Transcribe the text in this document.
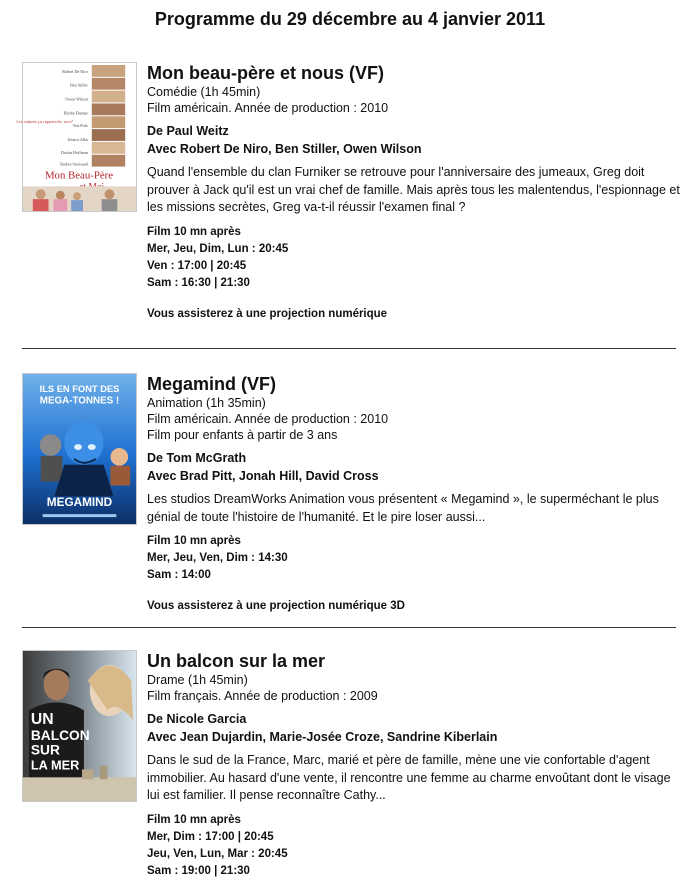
Programme du 29 décembre au 4 janvier 2011
Robert De Niro
Ben Stiller
Owen Wilson
Blythe Danner
Teri Polo
Jessica Alba
Dustin Hoffman
Barbra Streisand
Les enfants ça rapproche. non?
Mon Beau-Père
Mon beau-père et nous (VF)
Comédie (1h 45min)
Film américain. Année de production : 2010
De Paul Weitz
Avec Robert De Niro, Ben Stiller, Owen Wilson
Quand l'ensemble du clan Furniker se retrouve pour l'anniversaire des jumeaux, Greg doit prouver à Jack qu'il est un vrai chef de famille. Mais après tous les malentendus, l'espionnage et les missions secrètes, Greg va-t-il réussir l'examen final ?
Film 10 mn après
Mer, Jeu, Dim, Lun : 20:45
Ven : 17:00 | 20:45
Sam : 16:30 | 21:30
Vous assisterez à une projection numérique
ILS EN FONT DES
MEGA-TONNES !
MEGAMIND
Megamind (VF)
Animation (1h 35min)
Film américain. Année de production : 2010
Film pour enfants à partir de 3 ans
De Tom McGrath
Avec Brad Pitt, Jonah Hill, David Cross
Les studios DreamWorks Animation vous présentent « Megamind », le superméchant le plus génial de toute l'histoire de l'humanité. Et le pire loser aussi...
Film 10 mn après
Mer, Jeu, Ven, Dim : 14:30
Sam : 14:00
Vous assisterez à une projection numérique 3D
UN
BALCON
SUR
LA MER
Un balcon sur la mer
Drame (1h 45min)
Film français. Année de production : 2009
De Nicole Garcia
Avec Jean Dujardin, Marie-Josée Croze, Sandrine Kiberlain
Dans le sud de la France, Marc, marié et père de famille, mène une vie confortable d'agent immobilier. Au hasard d'une vente, il rencontre une femme au charme envoûtant dont le visage lui est familier. Il pense reconnaître Cathy...
Film 10 mn après
Mer, Dim : 17:00 | 20:45
Jeu, Ven, Lun, Mar : 20:45
Sam : 19:00 | 21:30
